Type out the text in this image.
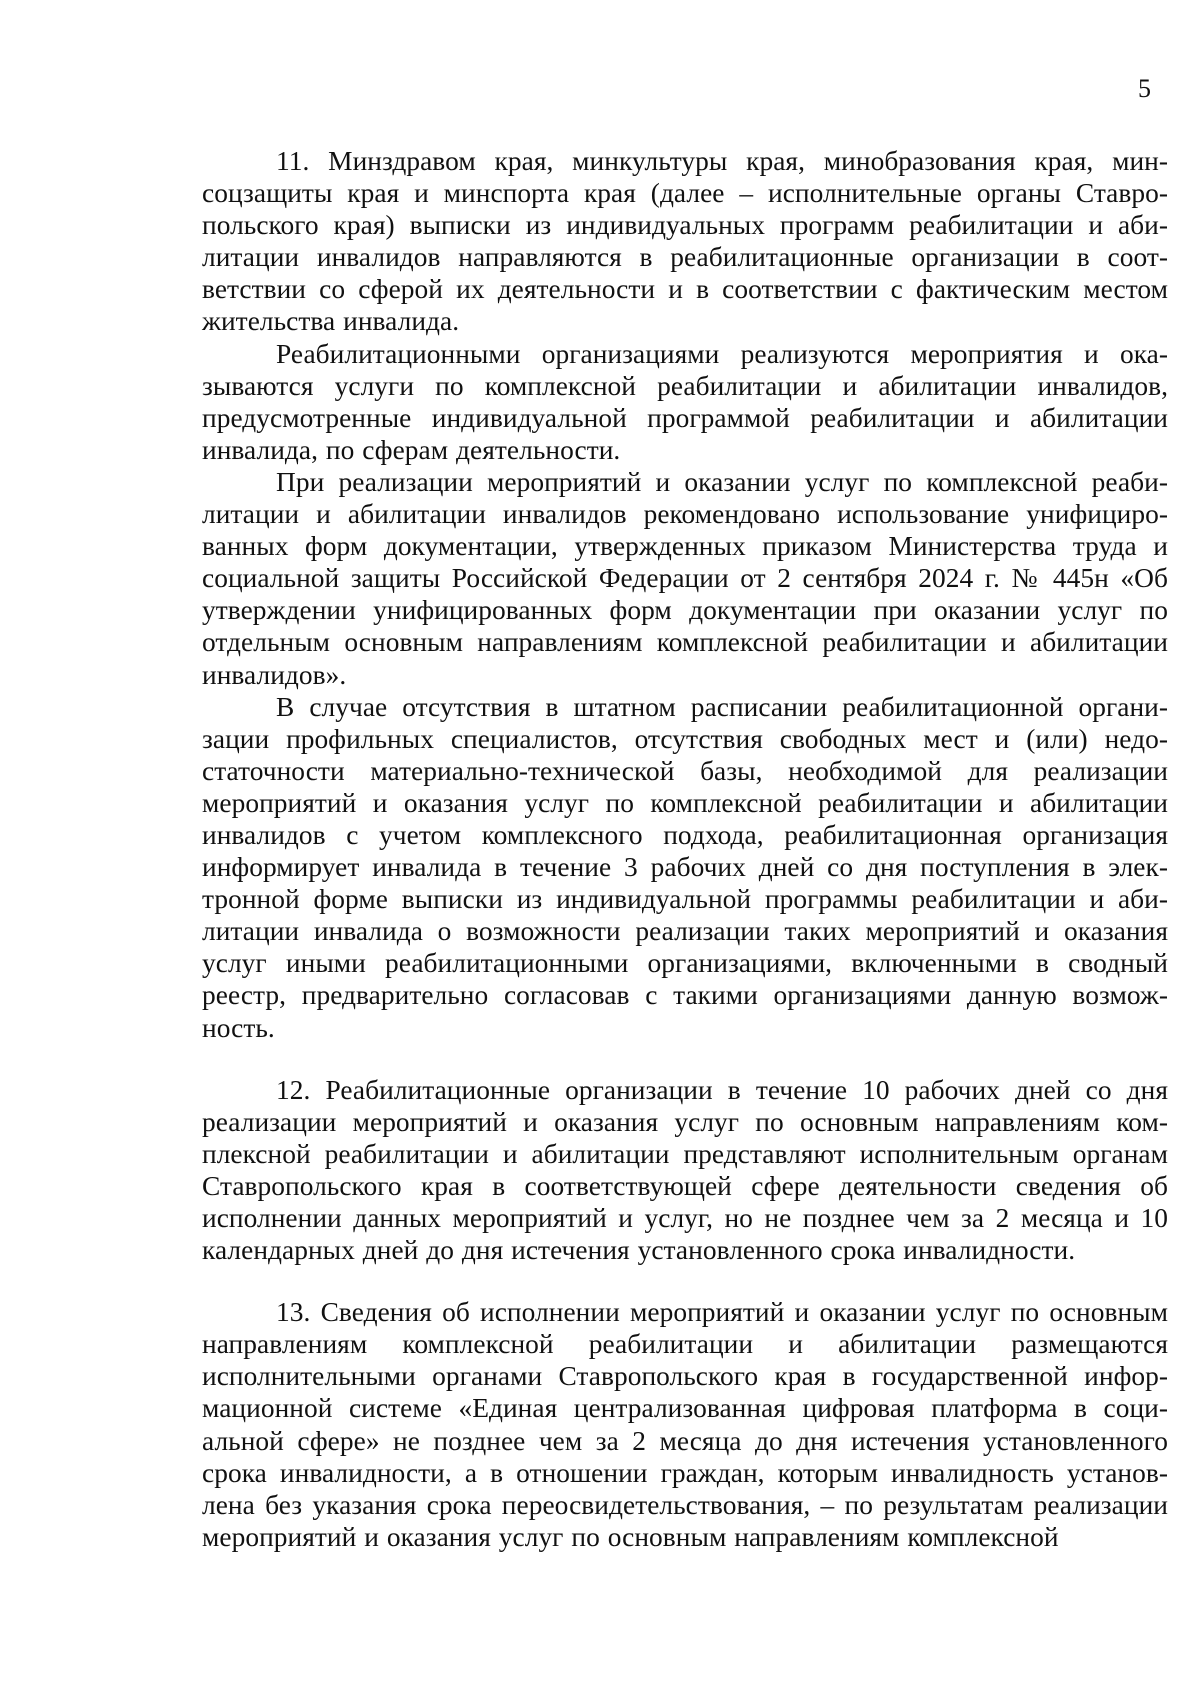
5

11. Минздравом края, минкультуры края, минобразования края, минсоцзащиты края и минспорта края (далее – исполнительные органы Ставропольского края) выписки из индивидуальных программ реабилитации и абилитации инвалидов направляются в реабилитационные организации в соответствии со сферой их деятельности и в соответствии с фактическим местом жительства инвалида.

Реабилитационными организациями реализуются мероприятия и оказываются услуги по комплексной реабилитации и абилитации инвалидов, предусмотренные индивидуальной программой реабилитации и абилитации инвалида, по сферам деятельности.

При реализации мероприятий и оказании услуг по комплексной реабилитации и абилитации инвалидов рекомендовано использование унифицированных форм документации, утвержденных приказом Министерства труда и социальной защиты Российской Федерации от 2 сентября 2024 г. № 445н «Об утверждении унифицированных форм документации при оказании услуг по отдельным основным направлениям комплексной реабилитации и абилитации инвалидов».

В случае отсутствия в штатном расписании реабилитационной организации профильных специалистов, отсутствия свободных мест и (или) недостаточности материально-технической базы, необходимой для реализации мероприятий и оказания услуг по комплексной реабилитации и абилитации инвалидов с учетом комплексного подхода, реабилитационная организация информирует инвалида в течение 3 рабочих дней со дня поступления в электронной форме выписки из индивидуальной программы реабилитации и абилитации инвалида о возможности реализации таких мероприятий и оказания услуг иными реабилитационными организациями, включенными в сводный реестр, предварительно согласовав с такими организациями данную возможность.

12. Реабилитационные организации в течение 10 рабочих дней со дня реализации мероприятий и оказания услуг по основным направлениям комплексной реабилитации и абилитации представляют исполнительным органам Ставропольского края в соответствующей сфере деятельности сведения об исполнении данных мероприятий и услуг, но не позднее чем за 2 месяца и 10 календарных дней до дня истечения установленного срока инвалидности.

13. Сведения об исполнении мероприятий и оказании услуг по основным направлениям комплексной реабилитации и абилитации размещаются исполнительными органами Ставропольского края в государственной информационной системе «Единая централизованная цифровая платформа в социальной сфере» не позднее чем за 2 месяца до дня истечения установленного срока инвалидности, а в отношении граждан, которым инвалидность установлена без указания срока переосвидетельствования, – по результатам реализации мероприятий и оказания услуг по основным направлениям комплексной
